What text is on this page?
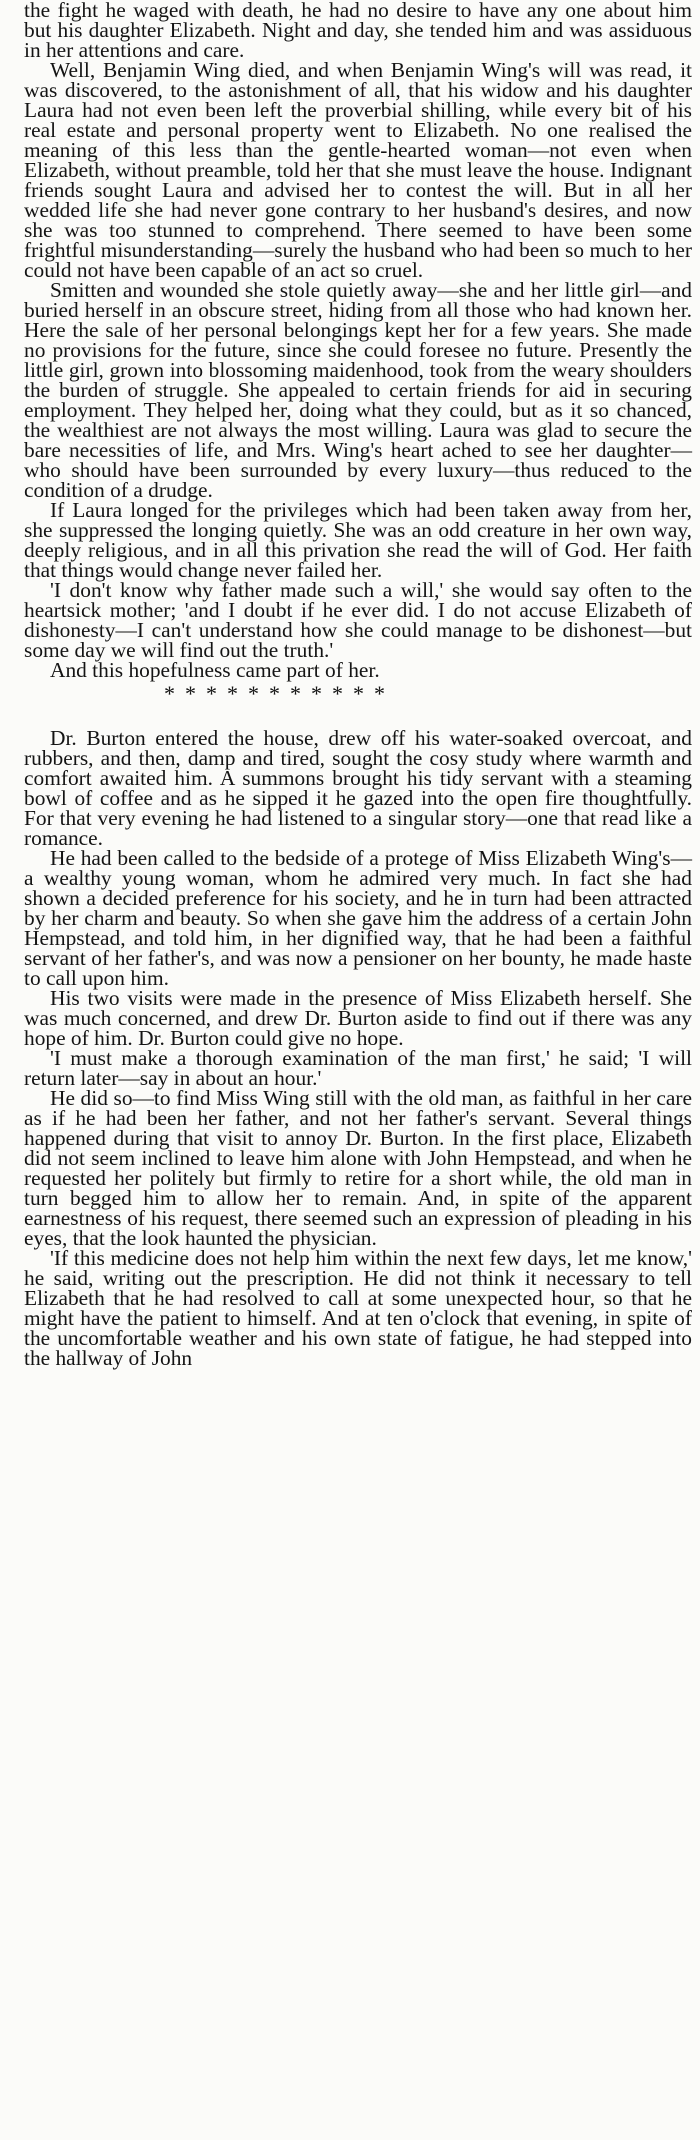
the fight he waged with death, he had no desire to have any one about him but his daughter Elizabeth. Night and day, she tended him and was assiduous in her attentions and care.

Well, Benjamin Wing died, and when Benjamin Wing's will was read, it was discovered, to the astonishment of all, that his widow and his daughter Laura had not even been left the proverbial shilling, while every bit of his real estate and personal property went to Elizabeth. No one realised the meaning of this less than the gentle-hearted woman—not even when Elizabeth, without preamble, told her that she must leave the house. Indignant friends sought Laura and advised her to contest the will. But in all her wedded life she had never gone contrary to her husband's desires, and now she was too stunned to comprehend. There seemed to have been some frightful misunderstanding—surely the husband who had been so much to her could not have been capable of an act so cruel.

Smitten and wounded she stole quietly away—she and her little girl—and buried herself in an obscure street, hiding from all those who had known her. Here the sale of her personal belongings kept her for a few years. She made no provisions for the future, since she could foresee no future. Presently the little girl, grown into blossoming maidenhood, took from the weary shoulders the burden of struggle. She appealed to certain friends for aid in securing employment. They helped her, doing what they could, but as it so chanced, the wealthiest are not always the most willing. Laura was glad to secure the bare necessities of life, and Mrs. Wing's heart ached to see her daughter—who should have been surrounded by every luxury—thus reduced to the condition of a drudge.

If Laura longed for the privileges which had been taken away from her, she suppressed the longing quietly. She was an odd creature in her own way, deeply religious, and in all this privation she read the will of God. Her faith that things would change never failed her.

'I don't know why father made such a will,' she would say often to the heartsick mother; 'and I doubt if he ever did. I do not accuse Elizabeth of dishonesty—I can't understand how she could manage to be dishonest—but some day we will find out the truth.'

And this hopefulness came part of her.

* * * * * * * * * * *

Dr. Burton entered the house, drew off his water-soaked overcoat, and rubbers, and then, damp and tired, sought the cosy study where warmth and comfort awaited him. A summons brought his tidy servant with a steaming bowl of coffee and as he sipped it he gazed into the open fire thoughtfully. For that very evening he had listened to a singular story—one that read like a romance.

He had been called to the bedside of a protege of Miss Elizabeth Wing's—a wealthy young woman, whom he admired very much. In fact she had shown a decided preference for his society, and he in turn had been attracted by her charm and beauty. So when she gave him the address of a certain John Hempstead, and told him, in her dignified way, that he had been a faithful servant of her father's, and was now a pensioner on her bounty, he made haste to call upon him.

His two visits were made in the presence of Miss Elizabeth herself. She was much concerned, and drew Dr. Burton aside to find out if there was any hope of him. Dr. Burton could give no hope.

'I must make a thorough examination of the man first,' he said; 'I will return later—say in about an hour.'

He did so—to find Miss Wing still with the old man, as faithful in her care as if he had been her father, and not her father's servant. Several things happened during that visit to annoy Dr. Burton. In the first place, Elizabeth did not seem inclined to leave him alone with John Hempstead, and when he requested her politely but firmly to retire for a short while, the old man in turn begged him to allow her to remain. And, in spite of the apparent earnestness of his request, there seemed such an expression of pleading in his eyes, that the look haunted the physician.

'If this medicine does not help him within the next few days, let me know,' he said, writing out the prescription. He did not think it necessary to tell Elizabeth that he had resolved to call at some unexpected hour, so that he might have the patient to himself. And at ten o'clock that evening, in spite of the uncomfortable weather and his own state of fatigue, he had stepped into the hallway of John
